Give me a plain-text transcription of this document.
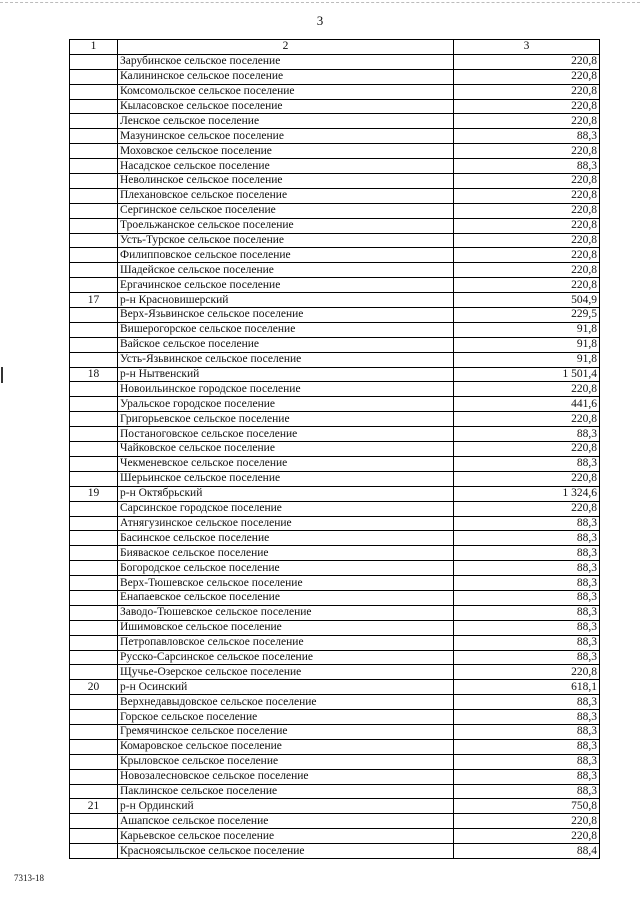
3
1	2	3
	Зарубинское сельское поселение	220,8
	Калининское сельское поселение	220,8
	Комсомольское сельское поселение	220,8
	Кыласовское сельское поселение	220,8
	Ленское сельское поселение	220,8
	Мазунинское сельское поселение	88,3
	Моховское сельское поселение	220,8
	Насадское сельское поселение	88,3
	Неволинское сельское поселение	220,8
	Плехановское сельское поселение	220,8
	Сергинское сельское поселение	220,8
	Троельжанское сельское поселение	220,8
	Усть-Турское сельское поселение	220,8
	Филипповское сельское поселение	220,8
	Шадейское сельское поселение	220,8
	Ергачинское сельское поселение	220,8
17	р-н Красновишерский	504,9
	Верх-Язьвинское сельское поселение	229,5
	Вишерогорское сельское поселение	91,8
	Вайское сельское поселение	91,8
	Усть-Язьвинское сельское поселение	91,8
18	р-н Нытвенский	1 501,4
	Новоильинское городское поселение	220,8
	Уральское городское поселение	441,6
	Григорьевское сельское поселение	220,8
	Постаноговское сельское поселение	88,3
	Чайковское сельское поселение	220,8
	Чекменевское сельское поселение	88,3
	Шерьинское сельское поселение	220,8
19	р-н Октябрьский	1 324,6
	Сарсинское городское поселение	220,8
	Атнягузинское сельское поселение	88,3
	Басинское сельское поселение	88,3
	Бияваское сельское поселение	88,3
	Богородское сельское поселение	88,3
	Верх-Тюшевское сельское поселение	88,3
	Енапаевское сельское поселение	88,3
	Заводо-Тюшевское сельское поселение	88,3
	Ишимовское сельское поселение	88,3
	Петропавловское сельское поселение	88,3
	Русско-Сарсинское сельское поселение	88,3
	Щучье-Озерское сельское поселение	220,8
20	р-н Осинский	618,1
	Верхнедавыдовское сельское поселение	88,3
	Горское сельское поселение	88,3
	Гремячинское сельское поселение	88,3
	Комаровское сельское поселение	88,3
	Крыловское сельское поселение	88,3
	Новозалесновское сельское поселение	88,3
	Паклинское сельское поселение	88,3
21	р-н Ординский	750,8
	Ашапское сельское поселение	220,8
	Карьевское сельское поселение	220,8
	Красноясыльское сельское поселение	88,4
7313-18
